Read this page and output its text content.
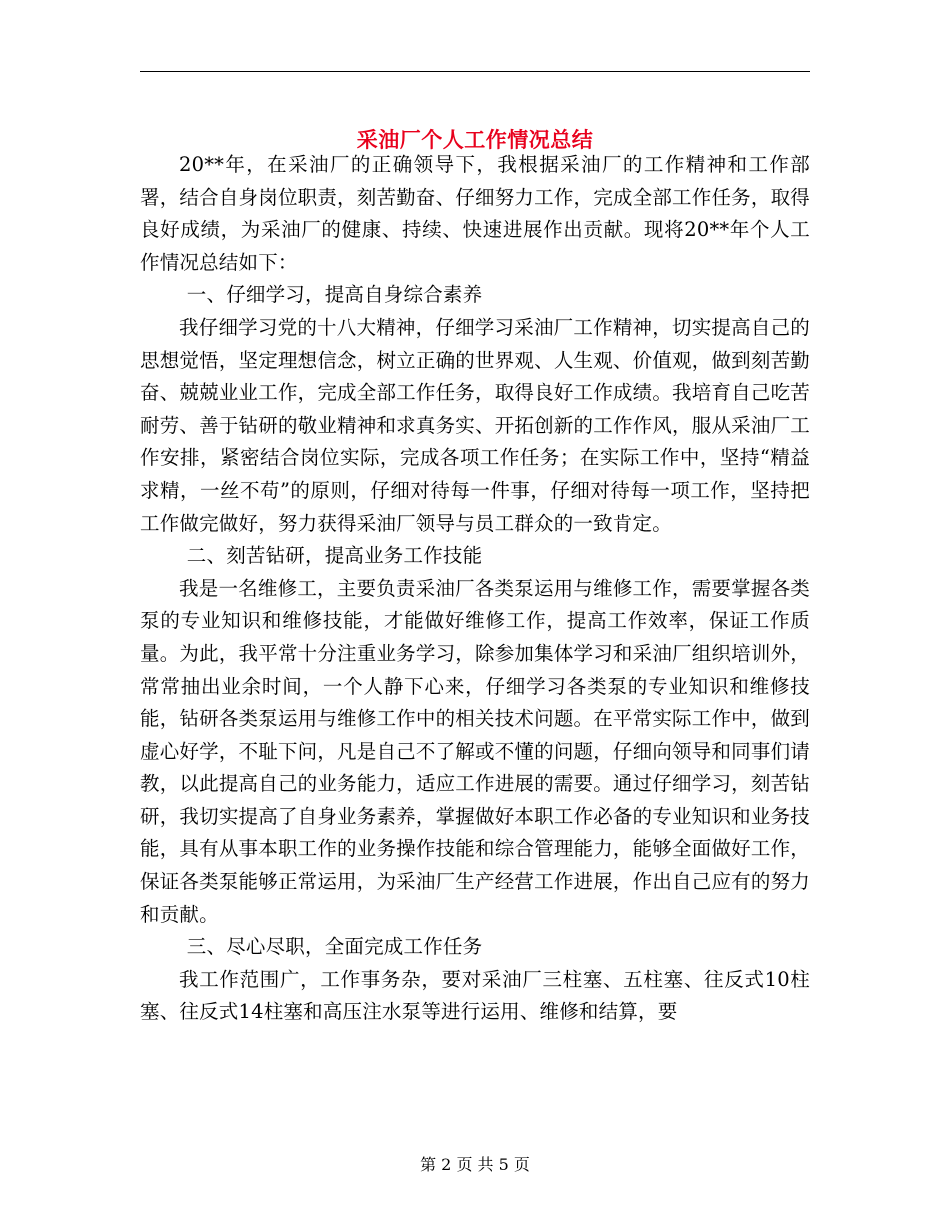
采油厂个人工作情况总结

20**年，在采油厂的正确领导下，我根据采油厂的工作精神和工作部署，结合自身岗位职责，刻苦勤奋、仔细努力工作，完成全部工作任务，取得良好成绩，为采油厂的健康、持续、快速进展作出贡献。现将20**年个人工作情况总结如下：

一、仔细学习，提高自身综合素养

我仔细学习党的十八大精神，仔细学习采油厂工作精神，切实提高自己的思想觉悟，坚定理想信念，树立正确的世界观、人生观、价值观，做到刻苦勤奋、兢兢业业工作，完成全部工作任务，取得良好工作成绩。我培育自己吃苦耐劳、善于钻研的敬业精神和求真务实、开拓创新的工作作风，服从采油厂工作安排，紧密结合岗位实际，完成各项工作任务；在实际工作中，坚持“精益求精，一丝不苟”的原则，仔细对待每一件事，仔细对待每一项工作，坚持把工作做完做好，努力获得采油厂领导与员工群众的一致肯定。

二、刻苦钻研，提高业务工作技能

我是一名维修工，主要负责采油厂各类泵运用与维修工作，需要掌握各类泵的专业知识和维修技能，才能做好维修工作，提高工作效率，保证工作质量。为此，我平常十分注重业务学习，除参加集体学习和采油厂组织培训外，常常抽出业余时间，一个人静下心来，仔细学习各类泵的专业知识和维修技能，钻研各类泵运用与维修工作中的相关技术问题。在平常实际工作中，做到虚心好学，不耻下问，凡是自己不了解或不懂的问题，仔细向领导和同事们请教，以此提高自己的业务能力，适应工作进展的需要。通过仔细学习，刻苦钻研，我切实提高了自身业务素养，掌握做好本职工作必备的专业知识和业务技能，具有从事本职工作的业务操作技能和综合管理能力，能够全面做好工作，保证各类泵能够正常运用，为采油厂生产经营工作进展，作出自己应有的努力和贡献。

三、尽心尽职，全面完成工作任务

我工作范围广，工作事务杂，要对采油厂三柱塞、五柱塞、往反式10柱塞、往反式14柱塞和高压注水泵等进行运用、维修和结算，要

第 2 页 共 5 页
